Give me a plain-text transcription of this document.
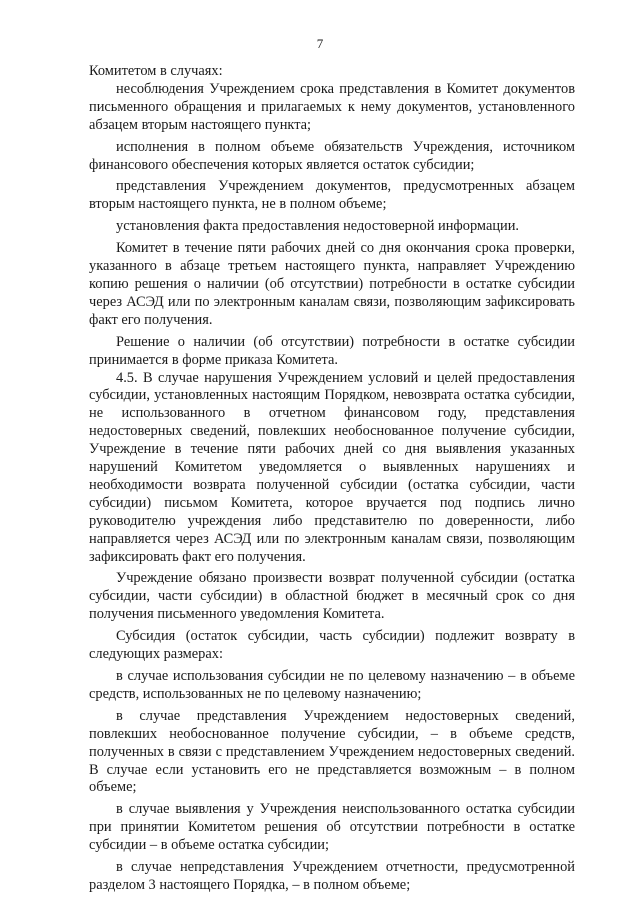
7

Комитетом в случаях:

несоблюдения Учреждением срока представления в Комитет документов письменного обращения и прилагаемых к нему документов, установленного абзацем вторым настоящего пункта;

исполнения в полном объеме обязательств Учреждения, источником финансового обеспечения которых является остаток субсидии;

представления Учреждением документов, предусмотренных абзацем вторым настоящего пункта, не в полном объеме;

установления факта предоставления недостоверной информации.

Комитет в течение пяти рабочих дней со дня окончания срока проверки, указанного в абзаце третьем настоящего пункта, направляет Учреждению копию решения о наличии (об отсутствии) потребности в остатке субсидии через АСЭД или по электронным каналам связи, позволяющим зафиксировать факт его получения.

Решение о наличии (об отсутствии) потребности в остатке субсидии принимается в форме приказа Комитета.

4.5. В случае нарушения Учреждением условий и целей предоставления субсидии, установленных настоящим Порядком, невозврата остатка субсидии, не использованного в отчетном финансовом году, представления недостоверных сведений, повлекших необоснованное получение субсидии, Учреждение в течение пяти рабочих дней со дня выявления указанных нарушений Комитетом уведомляется о выявленных нарушениях и необходимости возврата полученной субсидии (остатка субсидии, части субсидии) письмом Комитета, которое вручается под подпись лично руководителю учреждения либо представителю по доверенности, либо направляется через АСЭД или по электронным каналам связи, позволяющим зафиксировать факт его получения.

Учреждение обязано произвести возврат полученной субсидии (остатка субсидии, части субсидии) в областной бюджет в месячный срок со дня получения письменного уведомления Комитета.

Субсидия (остаток субсидии, часть субсидии) подлежит возврату в следующих размерах:

в случае использования субсидии не по целевому назначению – в объеме средств, использованных не по целевому назначению;

в случае представления Учреждением недостоверных сведений, повлекших необоснованное получение субсидии, – в объеме средств, полученных в связи с представлением Учреждением недостоверных сведений. В случае если установить его не представляется возможным – в полном объеме;

в случае выявления у Учреждения неиспользованного остатка субсидии при принятии Комитетом решения об отсутствии потребности в остатке субсидии – в объеме остатка субсидии;

в случае непредставления Учреждением отчетности, предусмотренной разделом 3 настоящего Порядка, – в полном объеме;
